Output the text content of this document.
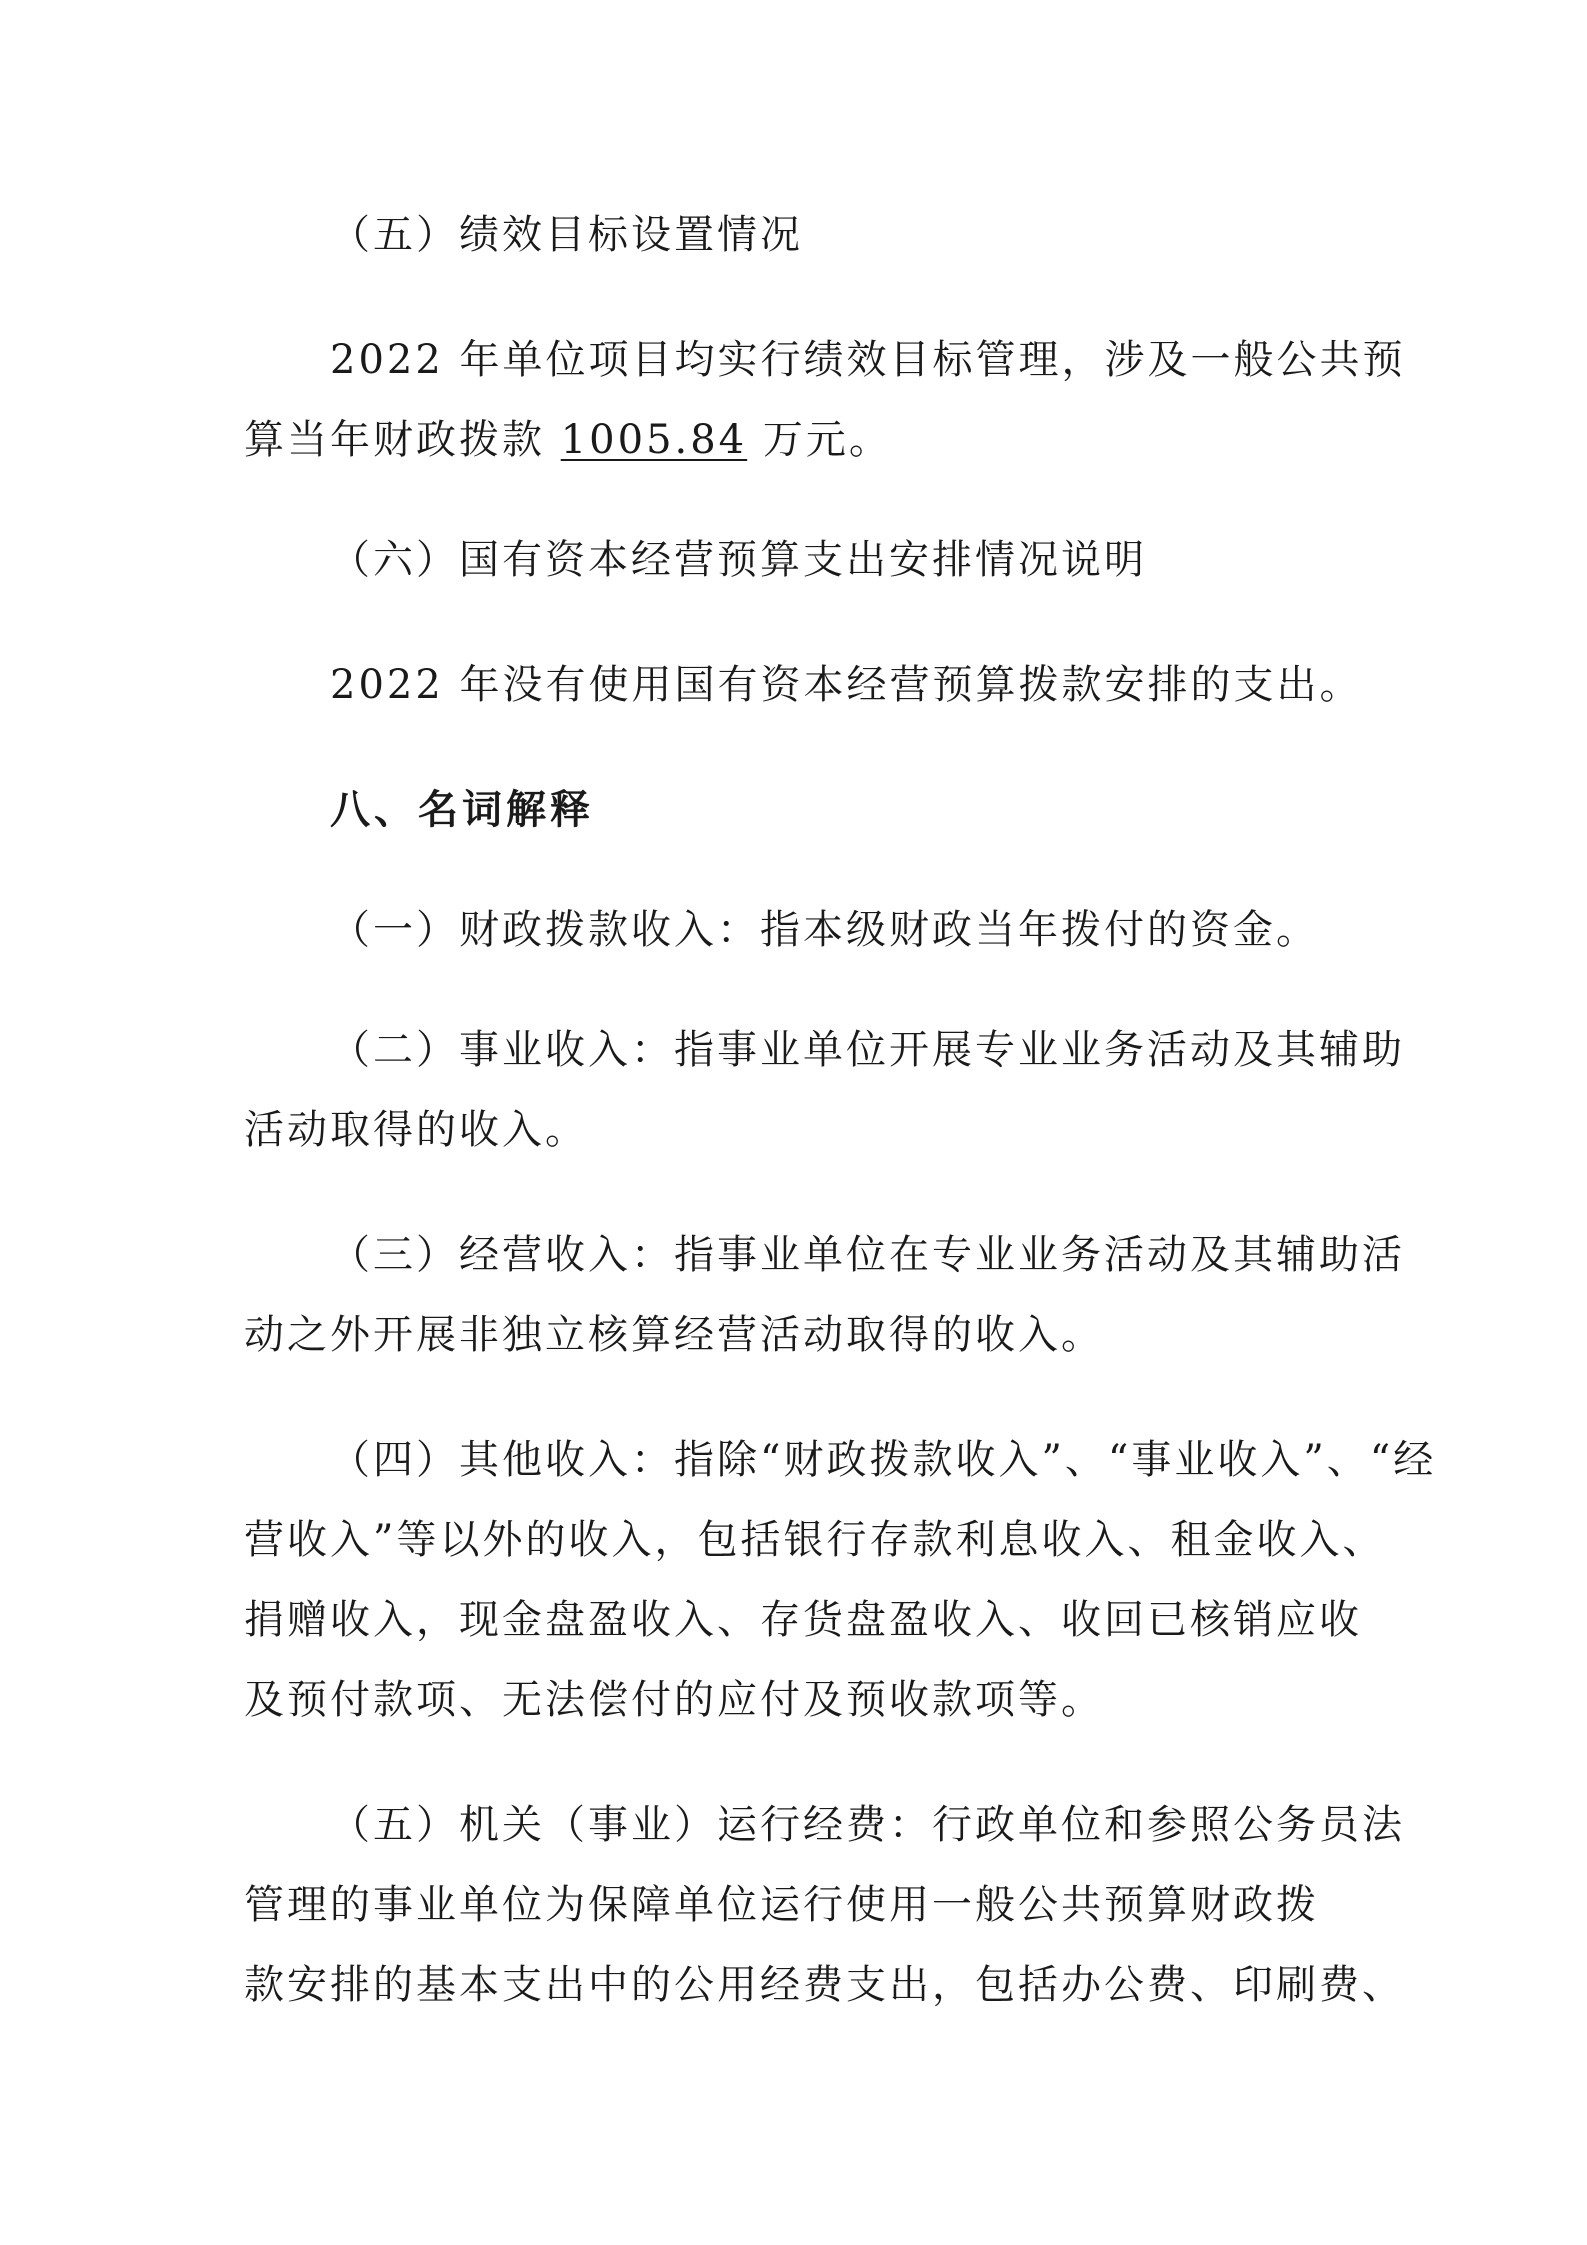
（五）绩效目标设置情况
2022 年单位项目均实行绩效目标管理，涉及一般公共预
算当年财政拨款 1005.84 万元。
（六）国有资本经营预算支出安排情况说明
2022 年没有使用国有资本经营预算拨款安排的支出。
八、名词解释
（一）财政拨款收入：指本级财政当年拨付的资金。
（二）事业收入：指事业单位开展专业业务活动及其辅助
活动取得的收入。
（三）经营收入：指事业单位在专业业务活动及其辅助活
动之外开展非独立核算经营活动取得的收入。
（四）其他收入：指除“财政拨款收入”、“事业收入”、“经
营收入”等以外的收入，包括银行存款利息收入、租金收入、
捐赠收入，现金盘盈收入、存货盘盈收入、收回已核销应收
及预付款项、无法偿付的应付及预收款项等。
（五）机关（事业）运行经费：行政单位和参照公务员法
管理的事业单位为保障单位运行使用一般公共预算财政拨
款安排的基本支出中的公用经费支出，包括办公费、印刷费、
